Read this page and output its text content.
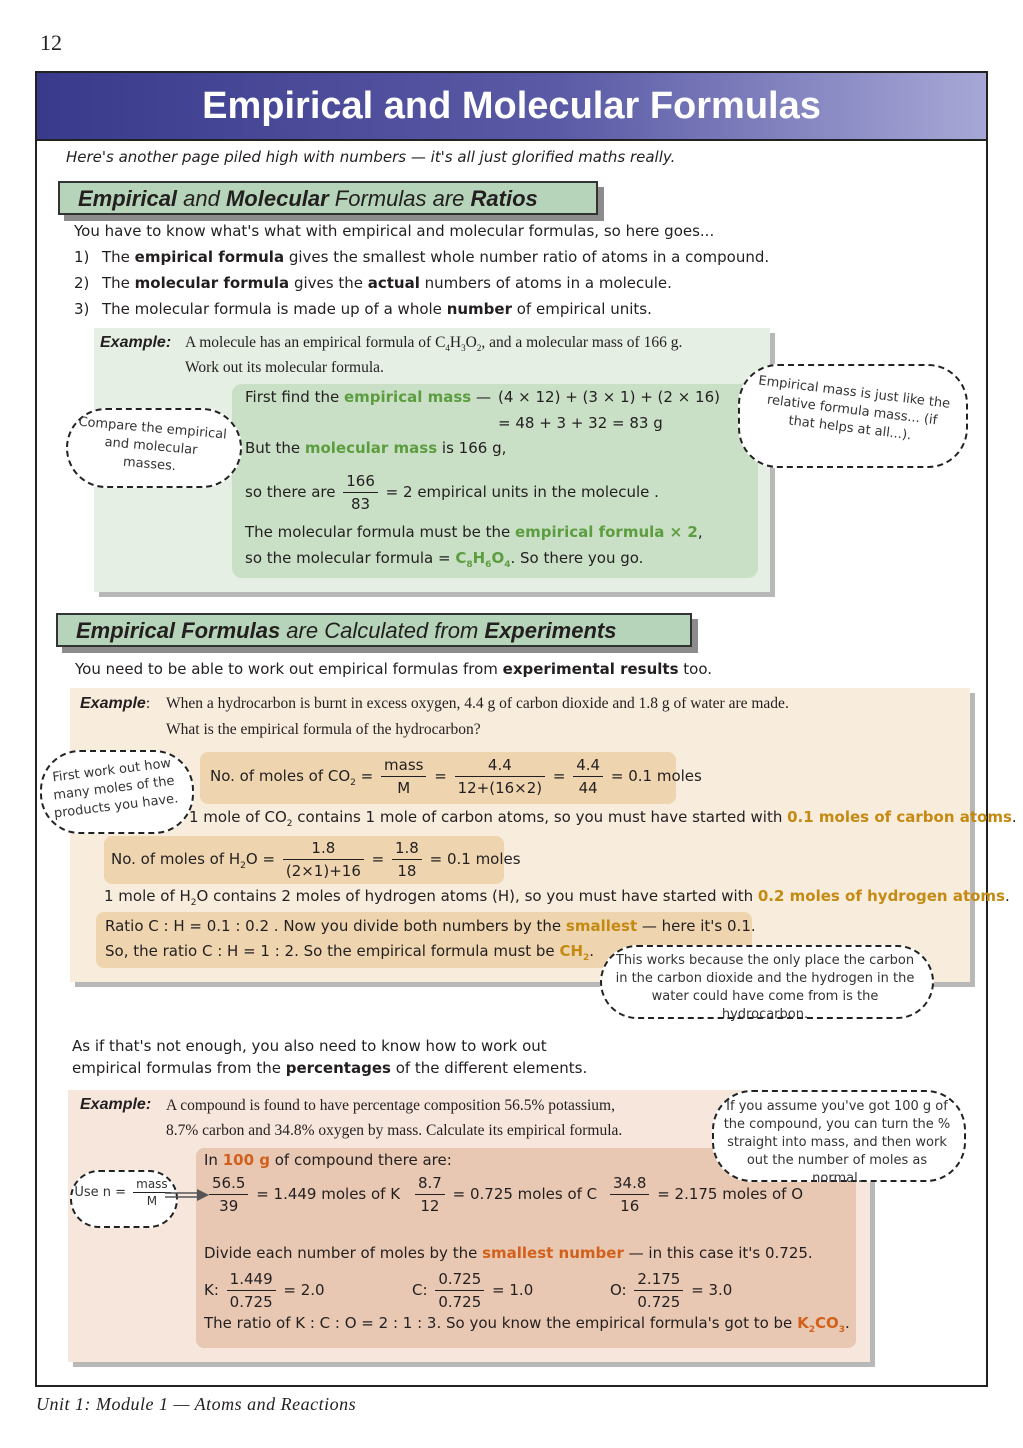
12
Empirical and Molecular Formulas
Here's another page piled high with numbers — it's all just glorified maths really.
Empirical and Molecular Formulas are Ratios
You have to know what's what with empirical and molecular formulas, so here goes...
1) The empirical formula gives the smallest whole number ratio of atoms in a compound.
2) The molecular formula gives the actual numbers of atoms in a molecule.
3) The molecular formula is made up of a whole number of empirical units.
Example: A molecule has an empirical formula of $C_4H_3O_2$, and a molecular mass of 166 g.
Work out its molecular formula.
First find the empirical mass — (4 × 12) + (3 × 1) + (2 × 16)
= 48 + 3 + 32 = 83 g
But the molecular mass is 166 g,
so there are $\frac{166}{83} = 2$ empirical units in the molecule .
The molecular formula must be the empirical formula × 2,
so the molecular formula = $C_8H_6O_4$. So there you go.
Compare the empirical and molecular masses.
Empirical mass is just like the relative formula mass... (if that helps at all...).
Empirical Formulas are Calculated from Experiments
You need to be able to work out empirical formulas from experimental results too.
Example: When a hydrocarbon is burnt in excess oxygen, 4.4 g of carbon dioxide and 1.8 g of water are made.
What is the empirical formula of the hydrocarbon?
No. of moles of $CO_2 = \frac{\text{mass}}{M} = \frac{4.4}{12+(16\times 2)} = \frac{4.4}{44} = 0.1$ moles
1 mole of $CO_2$ contains 1 mole of carbon atoms, so you must have started with 0.1 moles of carbon atoms.
No. of moles of $H_2O = \frac{1.8}{(2\times 1)+16} = \frac{1.8}{18} = 0.1$ moles
1 mole of $H_2O$ contains 2 moles of hydrogen atoms (H), so you must have started with 0.2 moles of hydrogen atoms.
Ratio C : H = 0.1 : 0.2 . Now you divide both numbers by the smallest — here it's 0.1.
So, the ratio C : H = 1 : 2. So the empirical formula must be $CH_2$.
First work out how many moles of the products you have.
This works because the only place the carbon in the carbon dioxide and the hydrogen in the water could have come from is the hydrocarbon.
As if that's not enough, you also need to know how to work out
empirical formulas from the percentages of the different elements.
Example: A compound is found to have percentage composition 56.5% potassium,
8.7% carbon and 34.8% oxygen by mass. Calculate its empirical formula.
In 100 g of compound there are:
$\frac{56.5}{39} = 1.449$ moles of K $\frac{8.7}{12} = 0.725$ moles of C $\frac{34.8}{16} = 2.175$ moles of O
Divide each number of moles by the smallest number — in this case it's 0.725.
K: $\frac{1.449}{0.725} = 2.0$	C: $\frac{0.725}{0.725} = 1.0$	O: $\frac{2.175}{0.725} = 3.0$
The ratio of K : C : O = 2 : 1 : 3. So you know the empirical formula's got to be $K_2CO_3$.
Use $n = \frac{\text{mass}}{M}$
If you assume you've got 100 g of the compound, you can turn the % straight into mass, and then work out the number of moles as normal.
Unit 1: Module 1 — Atoms and Reactions
